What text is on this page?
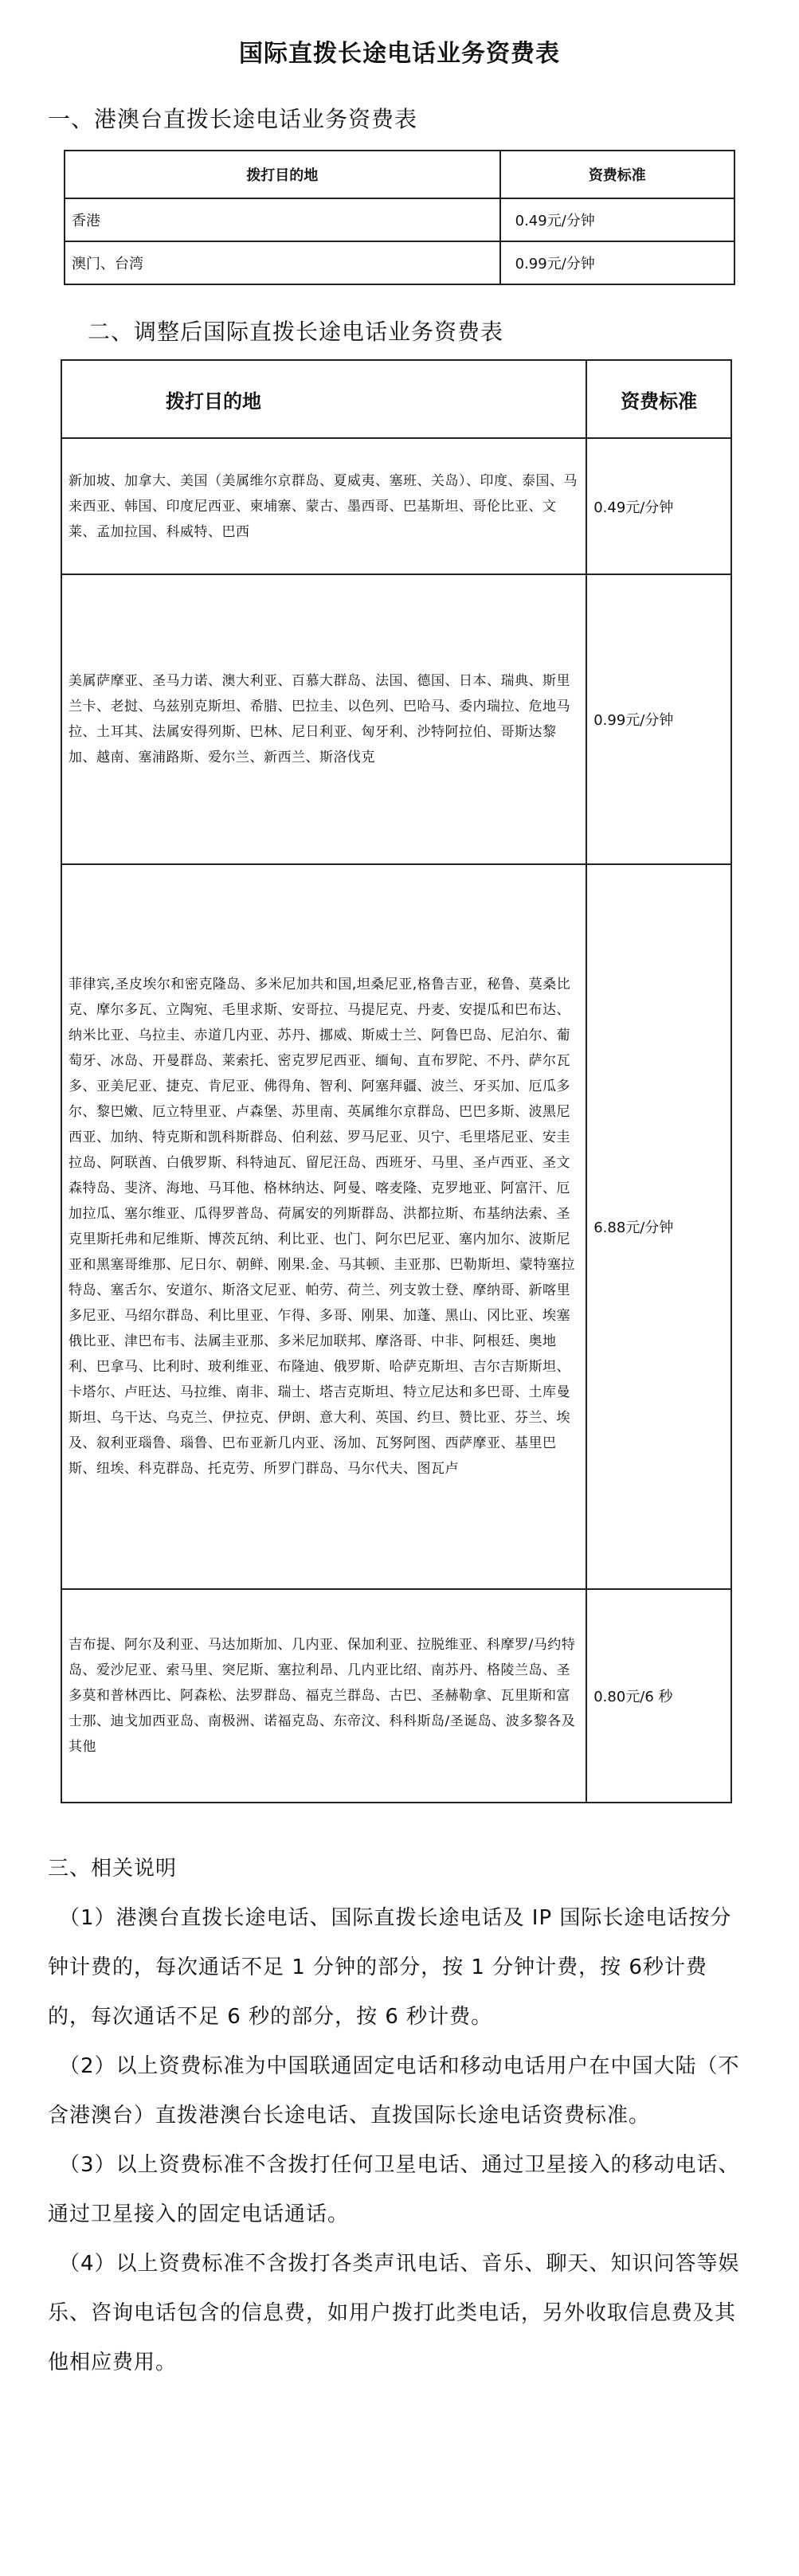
国际直拨长途电话业务资费表
一、港澳台直拨长途电话业务资费表
拨打目的地	资费标准
香港	0.49元/分钟
澳门、台湾	0.99元/分钟
二、调整后国际直拨长途电话业务资费表
拨打目的地	资费标准
新加坡、加拿大、美国（美属维尔京群岛、夏威夷、塞班、关岛）、印度、泰国、马来西亚、韩国、印度尼西亚、柬埔寨、蒙古、墨西哥、巴基斯坦、哥伦比亚、文莱、孟加拉国、科威特、巴西	0.49元/分钟
美属萨摩亚、圣马力诺、澳大利亚、百慕大群岛、法国、德国、日本、瑞典、斯里兰卡、老挝、乌兹别克斯坦、希腊、巴拉圭、以色列、巴哈马、委内瑞拉、危地马拉、土耳其、法属安得列斯、巴林、尼日利亚、匈牙利、沙特阿拉伯、哥斯达黎加、越南、塞浦路斯、爱尔兰、新西兰、斯洛伐克	0.99元/分钟
菲律宾,圣皮埃尔和密克隆岛、多米尼加共和国,坦桑尼亚,格鲁吉亚，秘鲁、莫桑比克、摩尔多瓦、立陶宛、毛里求斯、安哥拉、马提尼克、丹麦、安提瓜和巴布达、纳米比亚、乌拉圭、赤道几内亚、苏丹、挪威、斯威士兰、阿鲁巴岛、尼泊尔、葡萄牙、冰岛、开曼群岛、莱索托、密克罗尼西亚、缅甸、直布罗陀、不丹、萨尔瓦多、亚美尼亚、捷克、肯尼亚、佛得角、智利、阿塞拜疆、波兰、牙买加、厄瓜多尔、黎巴嫩、厄立特里亚、卢森堡、苏里南、英属维尔京群岛、巴巴多斯、波黑尼西亚、加纳、特克斯和凯科斯群岛、伯利兹、罗马尼亚、贝宁、毛里塔尼亚、安圭拉岛、阿联酋、白俄罗斯、科特迪瓦、留尼汪岛、西班牙、马里、圣卢西亚、圣文森特岛、斐济、海地、马耳他、格林纳达、阿曼、喀麦隆、克罗地亚、阿富汗、厄加拉瓜、塞尔维亚、瓜得罗普岛、荷属安的列斯群岛、洪都拉斯、布基纳法索、圣克里斯托弗和尼维斯、博茨瓦纳、利比亚、也门、阿尔巴尼亚、塞内加尔、波斯尼亚和黑塞哥维那、尼日尔、朝鲜、刚果.金、马其顿、圭亚那、巴勒斯坦、蒙特塞拉特岛、塞舌尔、安道尔、斯洛文尼亚、帕劳、荷兰、列支敦士登、摩纳哥、新喀里多尼亚、马绍尔群岛、利比里亚、乍得、多哥、刚果、加蓬、黑山、冈比亚、埃塞俄比亚、津巴布韦、法属圭亚那、多米尼加联邦、摩洛哥、中非、阿根廷、奥地利、巴拿马、比利时、玻利维亚、布隆迪、俄罗斯、哈萨克斯坦、吉尔吉斯斯坦、卡塔尔、卢旺达、马拉维、南非、瑞士、塔吉克斯坦、特立尼达和多巴哥、土库曼斯坦、乌干达、乌克兰、伊拉克、伊朗、意大利、英国、约旦、赞比亚、芬兰、埃及、叙利亚瑙鲁、瑙鲁、巴布亚新几内亚、汤加、瓦努阿图、西萨摩亚、基里巴斯、纽埃、科克群岛、托克劳、所罗门群岛、马尔代夫、图瓦卢	6.88元/分钟
吉布提、阿尔及利亚、马达加斯加、几内亚、保加利亚、拉脱维亚、科摩罗/马约特岛、爱沙尼亚、索马里、突尼斯、塞拉利昂、几内亚比绍、南苏丹、格陵兰岛、圣多莫和普林西比、阿森松、法罗群岛、福克兰群岛、古巴、圣赫勒拿、瓦里斯和富士那、迪戈加西亚岛、南极洲、诺福克岛、东帝汶、科科斯岛/圣诞岛、波多黎各及其他	0.80元/6 秒

三、相关说明

（1）港澳台直拨长途电话、国际直拨长途电话及 IP 国际长途电话按分钟计费的，每次通话不足 1 分钟的部分，按 1 分钟计费，按 6秒计费的，每次通话不足 6 秒的部分，按 6 秒计费。

（2）以上资费标准为中国联通固定电话和移动电话用户在中国大陆（不含港澳台）直拨港澳台长途电话、直拨国际长途电话资费标准。

（3）以上资费标准不含拨打任何卫星电话、通过卫星接入的移动电话、通过卫星接入的固定电话通话。

（4）以上资费标准不含拨打各类声讯电话、音乐、聊天、知识问答等娱乐、咨询电话包含的信息费，如用户拨打此类电话，另外收取信息费及其他相应费用。
